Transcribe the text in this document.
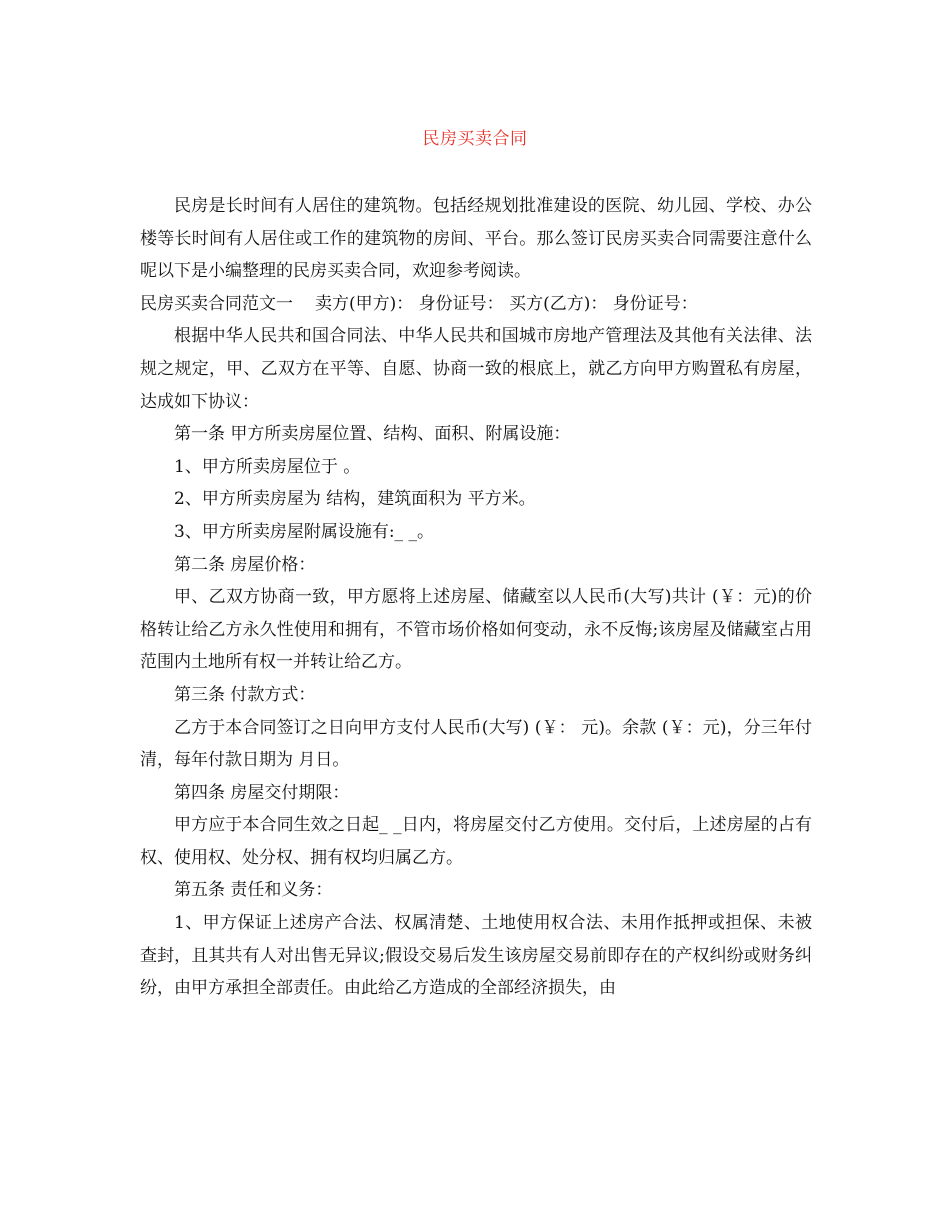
民房买卖合同

民房是长时间有人居住的建筑物。包括经规划批准建设的医院、幼儿园、学校、办公楼等长时间有人居住或工作的建筑物的房间、平台。那么签订民房买卖合同需要注意什么呢以下是小编整理的民房买卖合同，欢迎参考阅读。

民房买卖合同范文一 卖方(甲方)： 身份证号： 买方(乙方)： 身份证号：

根据中华人民共和国合同法、中华人民共和国城市房地产管理法及其他有关法律、法规之规定，甲、乙双方在平等、自愿、协商一致的根底上，就乙方向甲方购置私有房屋，达成如下协议：

第一条 甲方所卖房屋位置、结构、面积、附属设施：

1、甲方所卖房屋位于 。

2、甲方所卖房屋为 结构，建筑面积为 平方米。

3、甲方所卖房屋附属设施有:_ _。

第二条 房屋价格：

甲、乙双方协商一致，甲方愿将上述房屋、储藏室以人民币(大写)共计 (￥：元)的价格转让给乙方永久性使用和拥有，不管市场价格如何变动，永不反悔;该房屋及储藏室占用范围内土地所有权一并转让给乙方。

第三条 付款方式：

乙方于本合同签订之日向甲方支付人民币(大写) (￥： 元)。余款 (￥：元)，分三年付清，每年付款日期为 月日。

第四条 房屋交付期限：

甲方应于本合同生效之日起_ _日内，将房屋交付乙方使用。交付后，上述房屋的占有权、使用权、处分权、拥有权均归属乙方。

第五条 责任和义务：

1、甲方保证上述房产合法、权属清楚、土地使用权合法、未用作抵押或担保、未被查封，且其共有人对出售无异议;假设交易后发生该房屋交易前即存在的产权纠纷或财务纠纷，由甲方承担全部责任。由此给乙方造成的全部经济损失，由
